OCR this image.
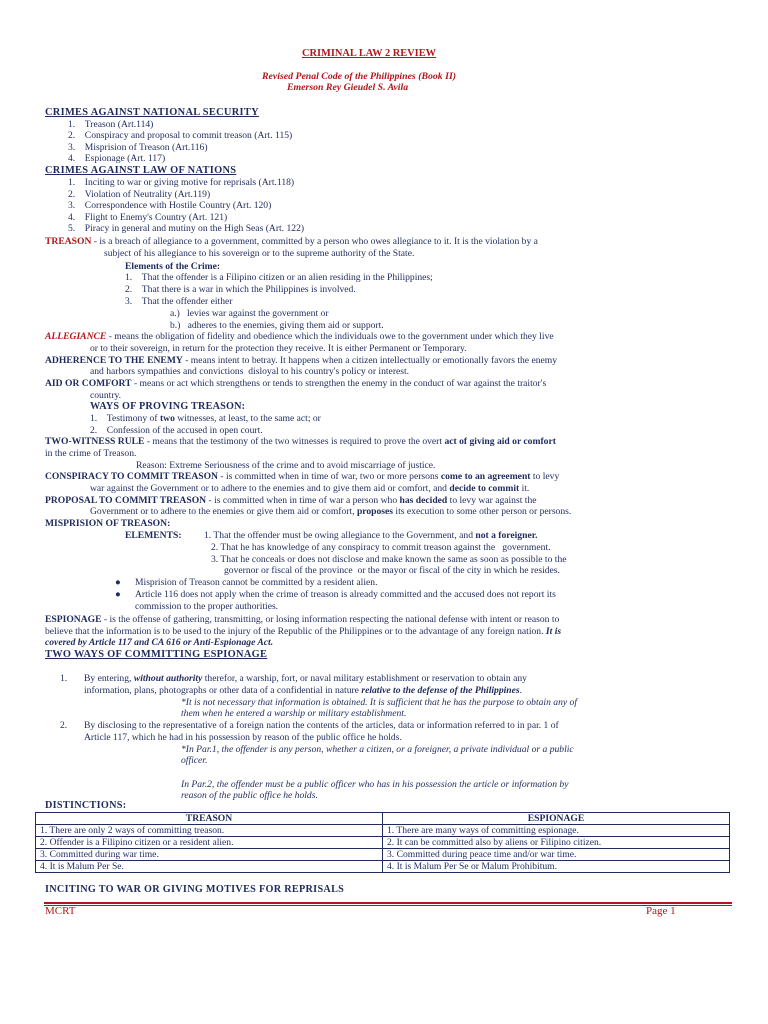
CRIMINAL LAW 2 REVIEW
Revised Penal Code of the Philippines (Book II)
Emerson Rey Gieudel S. Avila
CRIMES AGAINST NATIONAL SECURITY
1.    Treason (Art.114)
2.    Conspiracy and proposal to commit treason (Art. 115)
3.    Misprision of Treason (Art.116)
4.    Espionage (Art. 117)
CRIMES AGAINST LAW OF NATIONS
1.    Inciting to war or giving motive for reprisals (Art.118)
2.    Violation of Neutrality (Art.119)
3.    Correspondence with Hostile Country (Art. 120)
4.    Flight to Enemy's Country (Art. 121)
5.    Piracy in general and mutiny on the High Seas (Art. 122)
TREASON - is a breach of allegiance to a government, committed by a person who owes allegiance to it. It is the violation by a
subject of his allegiance to his sovereign or to the supreme authority of the State.
Elements of the Crime:
1.    That the offender is a Filipino citizen or an alien residing in the Philippines;
2.    That there is a war in which the Philippines is involved.
3.    That the offender either
a.)   levies war against the government or
b.)   adheres to the enemies, giving them aid or support.
ALLEGIANCE - means the obligation of fidelity and obedience which the individuals owe to the government under which they live
or to their sovereign, in return for the protection they receive. It is either Permanent or Temporary.
ADHERENCE TO THE ENEMY - means intent to betray. It happens when a citizen intellectually or emotionally favors the enemy
and harbors sympathies and convictions  disloyal to his country's policy or interest.
AID OR COMFORT - means or act which strengthens or tends to strengthen the enemy in the conduct of war against the traitor's
country.
WAYS OF PROVING TREASON:
1.    Testimony of two witnesses, at least, to the same act; or
2.    Confession of the accused in open court.
TWO-WITNESS RULE - means that the testimony of the two witnesses is required to prove the overt act of giving aid or comfort
in the crime of Treason.
Reason: Extreme Seriousness of the crime and to avoid miscarriage of justice.
CONSPIRACY TO COMMIT TREASON - is committed when in time of war, two or more persons come to an agreement to levy
war against the Government or to adhere to the enemies and to give them aid or comfort, and decide to commit it.
PROPOSAL TO COMMIT TREASON - is committed when in time of war a person who has decided to levy war against the
Government or to adhere to the enemies or give them aid or comfort, proposes its execution to some other person or persons.
MISPRISION OF TREASON:
ELEMENTS: 1. That the offender must be owing allegiance to the Government, and not a foreigner.
2. That he has knowledge of any conspiracy to commit treason against the   government.
3. That he conceals or does not disclose and make known the same as soon as possible to the
governor or fiscal of the province  or the mayor or fiscal of the city in which he resides.
● Misprision of Treason cannot be committed by a resident alien.
● Article 116 does not apply when the crime of treason is already committed and the accused does not report its
commission to the proper authorities.
ESPIONAGE - is the offense of gathering, transmitting, or losing information respecting the national defense with intent or reason to
believe that the information is to be used to the injury of the Republic of the Philippines or to the advantage of any foreign nation. It is
covered by Article 117 and CA 616 or Anti-Espionage Act.
TWO WAYS OF COMMITTING ESPIONAGE
1. By entering, without authority therefor, a warship, fort, or naval military establishment or reservation to obtain any
information, plans, photographs or other data of a confidential in nature relative to the defense of the Philippines.
*It is not necessary that information is obtained. It is sufficient that he has the purpose to obtain any of
them when he entered a warship or military establishment.
2. By disclosing to the representative of a foreign nation the contents of the articles, data or information referred to in par. 1 of
Article 117, which he had in his possession by reason of the public office he holds.
*In Par.1, the offender is any person, whether a citizen, or a foreigner, a private individual or a public
officer.
In Par.2, the offender must be a public officer who has in his possession the article or information by
reason of the public office he holds.
DISTINCTIONS:
TREASON	ESPIONAGE
1. There are only 2 ways of committing treason.	1. There are many ways of committing espionage.
2. Offender is a Filipino citizen or a resident alien.	2. It can be committed also by aliens or Filipino citizen.
3. Committed during war time.	3. Committed during peace time and/or war time.
4. It is Malum Per Se.	4. It is Malum Per Se or Malum Prohibitum.
INCITING TO WAR OR GIVING MOTIVES FOR REPRISALS
MCRT	Page 1
